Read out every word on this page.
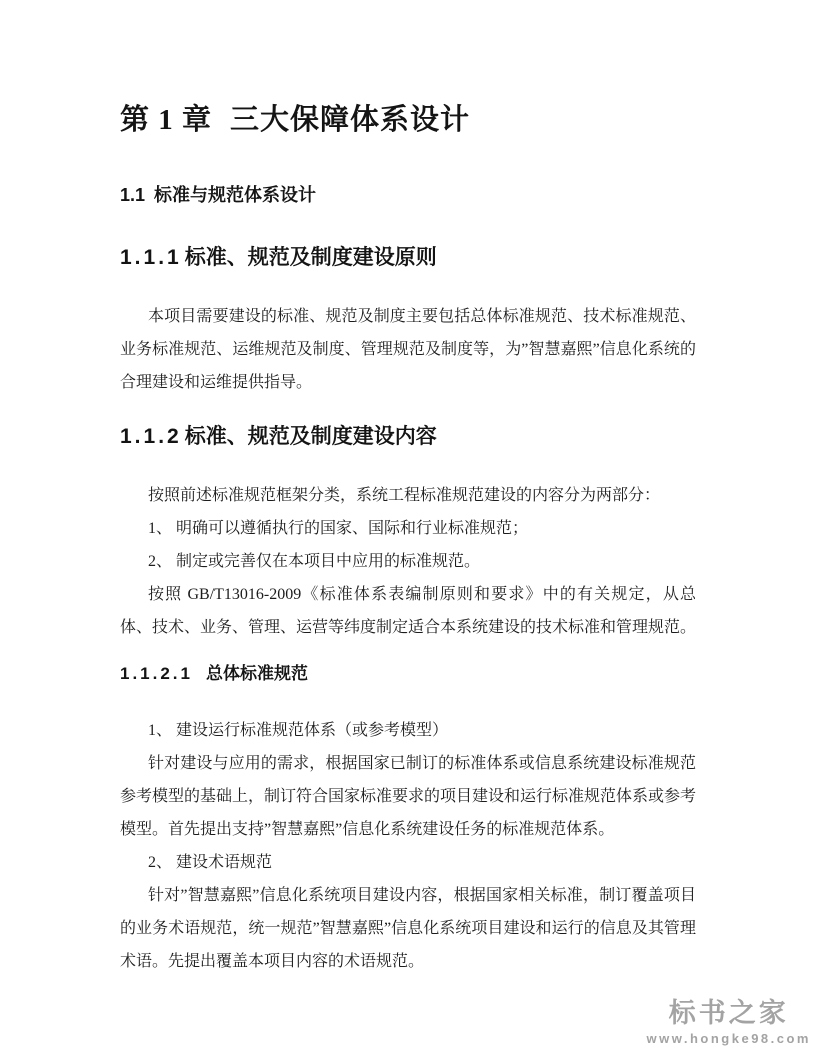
第 1 章 三大保障体系设计
1.1 标准与规范体系设计
1.1.1 标准、规范及制度建设原则

本项目需要建设的标准、规范及制度主要包括总体标准规范、技术标准规范、业务标准规范、运维规范及制度、管理规范及制度等，为”智慧嘉熙”信息化系统的合理建设和运维提供指导。

1.1.2 标准、规范及制度建设内容

按照前述标准规范框架分类，系统工程标准规范建设的内容分为两部分：

1、 明确可以遵循执行的国家、国际和行业标准规范；

2、 制定或完善仅在本项目中应用的标准规范。

按照 GB/T13016-2009《标准体系表编制原则和要求》中的有关规定，从总体、技术、业务、管理、运营等纬度制定适合本系统建设的技术标准和管理规范。

1.1.2.1 总体标准规范

1、 建设运行标准规范体系（或参考模型）

针对建设与应用的需求，根据国家已制订的标准体系或信息系统建设标准规范参考模型的基础上，制订符合国家标准要求的项目建设和运行标准规范体系或参考模型。首先提出支持”智慧嘉熙”信息化系统建设任务的标准规范体系。

2、 建设术语规范

针对”智慧嘉熙”信息化系统项目建设内容，根据国家相关标准，制订覆盖项目的业务术语规范，统一规范”智慧嘉熙”信息化系统项目建设和运行的信息及其管理术语。先提出覆盖本项目内容的术语规范。

标书之家
www.hongke98.com
